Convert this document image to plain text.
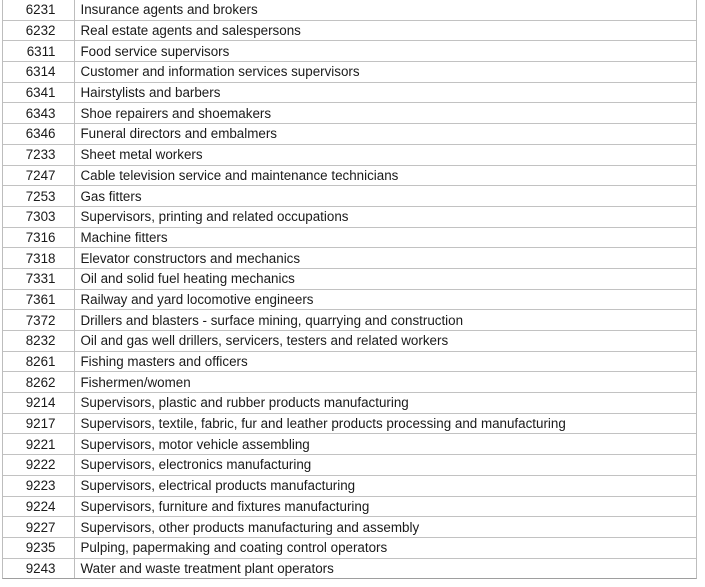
6231	Insurance agents and brokers
6232	Real estate agents and salespersons
6311	Food service supervisors
6314	Customer and information services supervisors
6341	Hairstylists and barbers
6343	Shoe repairers and shoemakers
6346	Funeral directors and embalmers
7233	Sheet metal workers
7247	Cable television service and maintenance technicians
7253	Gas fitters
7303	Supervisors, printing and related occupations
7316	Machine fitters
7318	Elevator constructors and mechanics
7331	Oil and solid fuel heating mechanics
7361	Railway and yard locomotive engineers
7372	Drillers and blasters - surface mining, quarrying and construction
8232	Oil and gas well drillers, servicers, testers and related workers
8261	Fishing masters and officers
8262	Fishermen/women
9214	Supervisors, plastic and rubber products manufacturing
9217	Supervisors, textile, fabric, fur and leather products processing and manufacturing
9221	Supervisors, motor vehicle assembling
9222	Supervisors, electronics manufacturing
9223	Supervisors, electrical products manufacturing
9224	Supervisors, furniture and fixtures manufacturing
9227	Supervisors, other products manufacturing and assembly
9235	Pulping, papermaking and coating control operators
9243	Water and waste treatment plant operators
